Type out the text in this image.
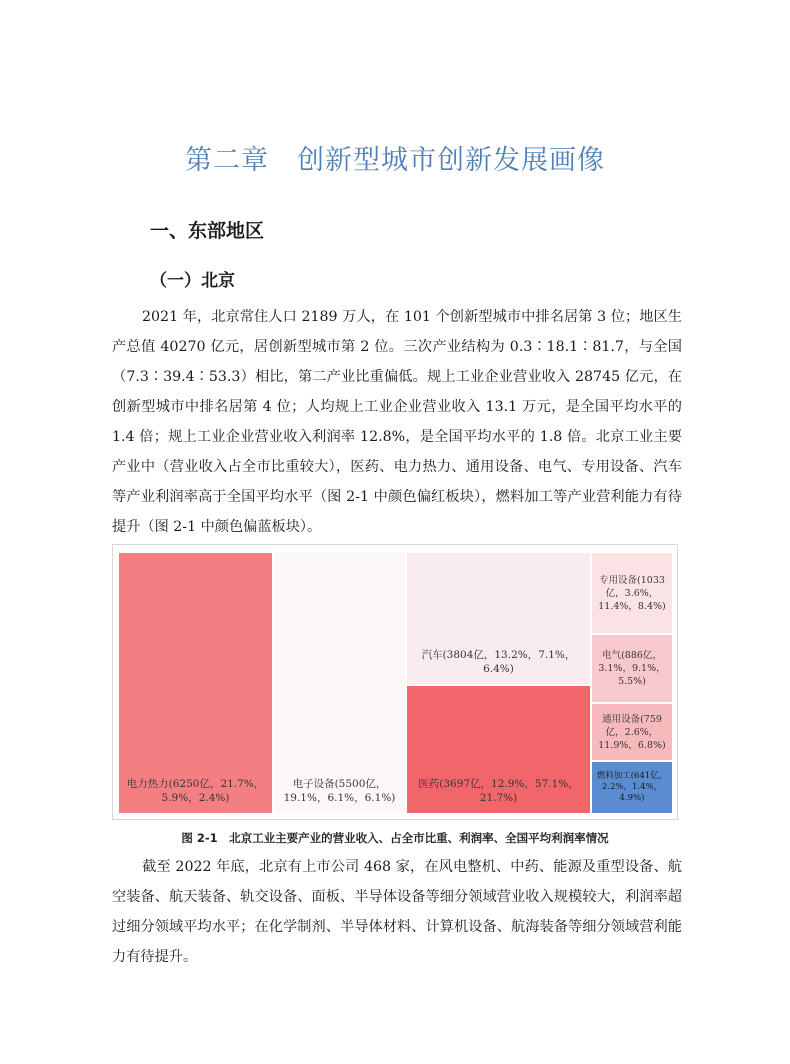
第二章　创新型城市创新发展画像
一、东部地区
（一）北京
2021 年，北京常住人口 2189 万人，在 101 个创新型城市中排名居第 3 位；地区生产总值 40270 亿元，居创新型城市第 2 位。三次产业结构为 0.3∶18.1∶81.7，与全国（7.3∶39.4∶53.3）相比，第二产业比重偏低。规上工业企业营业收入 28745 亿元，在创新型城市中排名居第 4 位；人均规上工业企业营业收入 13.1 万元，是全国平均水平的 1.4 倍；规上工业企业营业收入利润率 12.8%，是全国平均水平的 1.8 倍。北京工业主要产业中（营业收入占全市比重较大），医药、电力热力、通用设备、电气、专用设备、汽车等产业利润率高于全国平均水平（图 2-1 中颜色偏红板块），燃料加工等产业营利能力有待提升（图 2-1 中颜色偏蓝板块）。
电力热力(6250亿，21.7%，5.9%，2.4%)
电子设备(5500亿，19.1%，6.1%，6.1%)
汽车(3804亿，13.2%，7.1%，6.4%)
医药(3697亿，12.9%，57.1%，21.7%)
专用设备(1033亿，3.6%，11.4%，8.4%)
电气(886亿，3.1%，9.1%，5.5%)
通用设备(759亿，2.6%，11.9%，6.8%)
燃料加工(641亿，2.2%，1.4%，4.9%)
图 2-1　北京工业主要产业的营业收入、占全市比重、利润率、全国平均利润率情况
截至 2022 年底，北京有上市公司 468 家，在风电整机、中药、能源及重型设备、航空装备、航天装备、轨交设备、面板、半导体设备等细分领域营业收入规模较大，利润率超过细分领域平均水平；在化学制剂、半导体材料、计算机设备、航海装备等细分领域营利能力有待提升。
